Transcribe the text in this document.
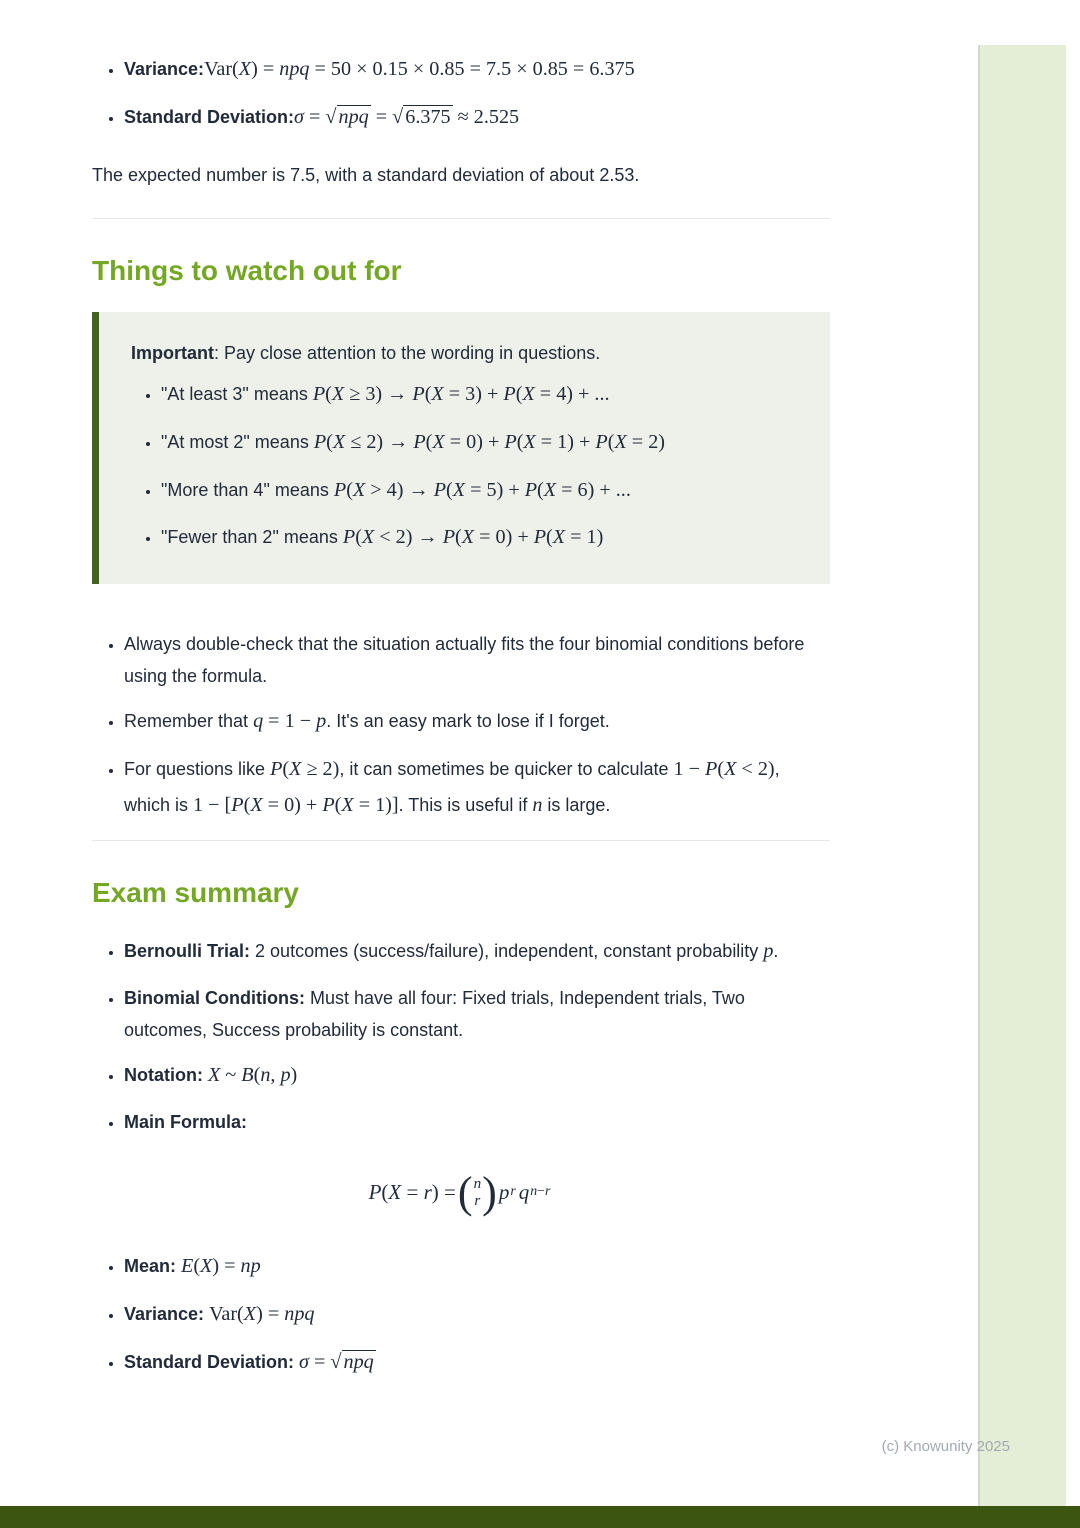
• Variance:Var(X) = npq = 50 × 0.15 × 0.85 = 7.5 × 0.85 = 6.375
• Standard Deviation:σ = √npq = √6.375 ≈ 2.525

The expected number is 7.5, with a standard deviation of about 2.53.

Things to watch out for
Important: Pay close attention to the wording in questions.
• "At least 3" means P(X ≥ 3) → P(X = 3) + P(X = 4) + ...
• "At most 2" means P(X ≤ 2) → P(X = 0) + P(X = 1) + P(X = 2)
• "More than 4" means P(X > 4) → P(X = 5) + P(X = 6) + ...
• "Fewer than 2" means P(X < 2) → P(X = 0) + P(X = 1)
• Always double-check that the situation actually fits the four binomial conditions before using the formula.
• Remember that q = 1 − p. It's an easy mark to lose if I forget.
• For questions like P(X ≥ 2), it can sometimes be quicker to calculate 1 − P(X < 2), which is 1 − [P(X = 0) + P(X = 1)]. This is useful if n is large.
Exam summary
• Bernoulli Trial: 2 outcomes (success/failure), independent, constant probability p.
• Binomial Conditions: Must have all four: Fixed trials, Independent trials, Two outcomes, Success probability is constant.
• Notation: X ~ B(n, p)
• Main Formula:
P(X = r) = ( n
r ) p $^r$ q $^{n-r}$
• Mean: E(X) = np
• Variance: Var(X) = npq
• Standard Deviation: σ = √npq
(c) Knowunity 2025
